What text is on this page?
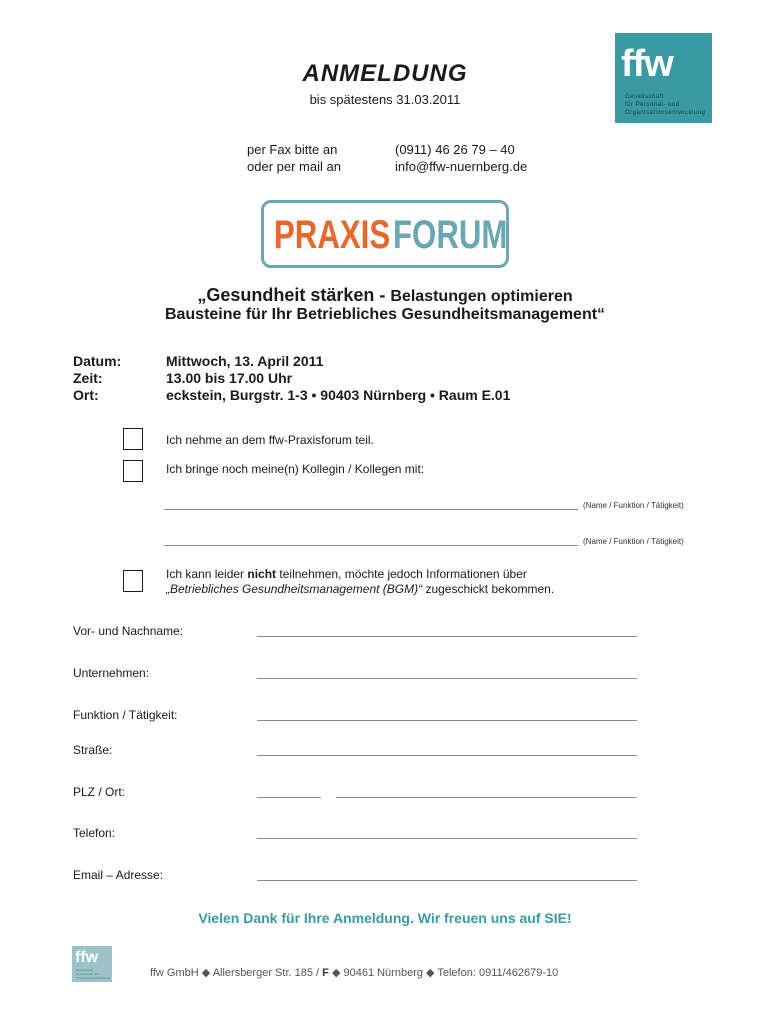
ffw
Gesellschaft
für Personal- und
Organisationsentwicklung
ANMELDUNG
bis spätestens 31.03.2011
per Fax bitte an
oder per mail an
(0911) 46 26 79 – 40
info@ffw-nuernberg.de
PRAXIS FORUM
„Gesundheit stärken - Belastungen optimieren
Bausteine für Ihr Betriebliches Gesundheitsmanagement“
Datum:
Zeit:
Ort:
Mittwoch, 13. April 2011
13.00 bis 17.00 Uhr
eckstein, Burgstr. 1-3 • 90403 Nürnberg • Raum E.01
Ich nehme an dem ffw-Praxisforum teil.
Ich bringe noch meine(n) Kollegin / Kollegen mit:
(Name / Funktion / Tätigkeit)
(Name / Funktion / Tätigkeit)
Ich kann leider nicht teilnehmen, möchte jedoch Informationen über
„Betriebliches Gesundheitsmanagement (BGM)“ zugeschickt bekommen.
Vor- und Nachname:
Unternehmen:
Funktion / Tätigkeit:
Straße:
PLZ / Ort:
Telefon:
Email – Adresse:
Vielen Dank für Ihre Anmeldung. Wir freuen uns auf SIE!
ffw
Gesellschaft
für Personal- und
Organisationsentwicklung	ffw GmbH ◆ Allersberger Str. 185 / F ◆ 90461 Nürnberg ◆ Telefon: 0911/462679-10
